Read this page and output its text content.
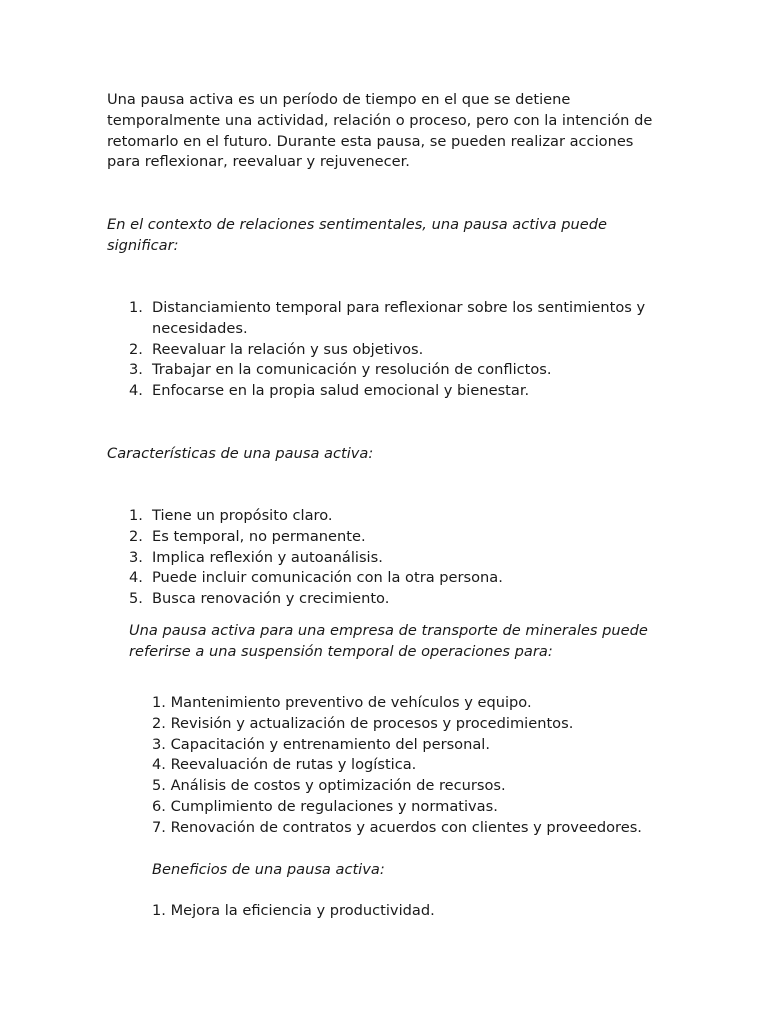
Una pausa activa es un período de tiempo en el que se detiene temporalmente una actividad, relación o proceso, pero con la intención de retomarlo en el futuro. Durante esta pausa, se pueden realizar acciones para reflexionar, reevaluar y rejuvenecer.

En el contexto de relaciones sentimentales, una pausa activa puede significar:

1. Distanciamiento temporal para reflexionar sobre los sentimientos y necesidades.
2. Reevaluar la relación y sus objetivos.
3. Trabajar en la comunicación y resolución de conflictos.
4. Enfocarse en la propia salud emocional y bienestar.

Características de una pausa activa:

1. Tiene un propósito claro.
2. Es temporal, no permanente.
3. Implica reflexión y autoanálisis.
4. Puede incluir comunicación con la otra persona.
5. Busca renovación y crecimiento.

Una pausa activa para una empresa de transporte de minerales puede referirse a una suspensión temporal de operaciones para:

1. Mantenimiento preventivo de vehículos y equipo.
2. Revisión y actualización de procesos y procedimientos.
3. Capacitación y entrenamiento del personal.
4. Reevaluación de rutas y logística.
5. Análisis de costos y optimización de recursos.
6. Cumplimiento de regulaciones y normativas.
7. Renovación de contratos y acuerdos con clientes y proveedores.

Beneficios de una pausa activa:

1. Mejora la eficiencia y productividad.
